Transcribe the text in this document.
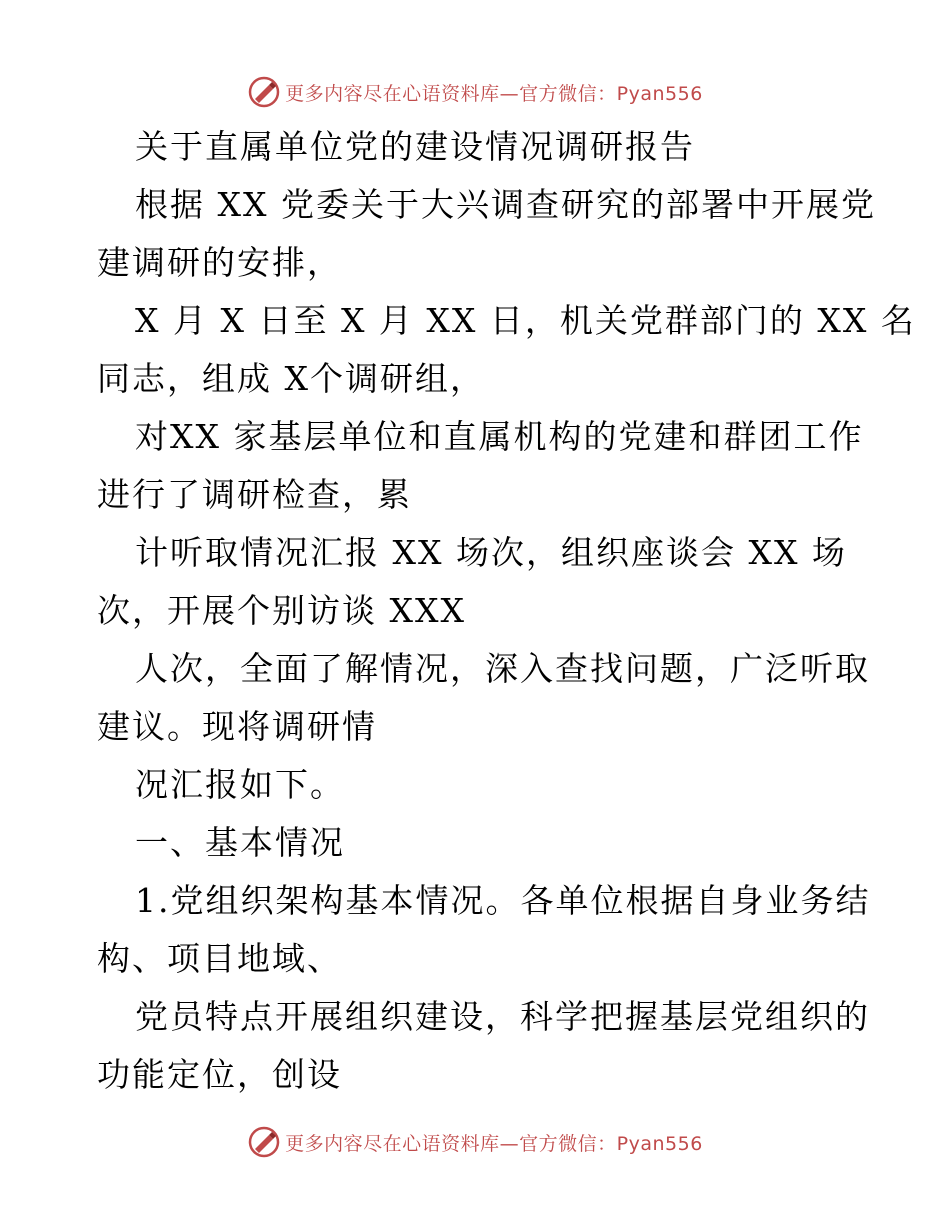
更多内容尽在心语资料库—官方微信：Pyan556
关于直属单位党的建设情况调研报告
根据 XX 党委关于大兴调查研究的部署中开展党
建调研的安排，
X 月 X 日至 X 月 XX 日，机关党群部门的 XX 名
同志，组成 X个调研组，
对XX 家基层单位和直属机构的党建和群团工作
进行了调研检查，累
计听取情况汇报 XX 场次，组织座谈会 XX 场
次，开展个别访谈 XXX
人次，全面了解情况，深入查找问题，广泛听取
建议。现将调研情
况汇报如下。
一、基本情况
1.党组织架构基本情况。各单位根据自身业务结
构、项目地域、
党员特点开展组织建设，科学把握基层党组织的
功能定位，创设
更多内容尽在心语资料库—官方微信：Pyan556
